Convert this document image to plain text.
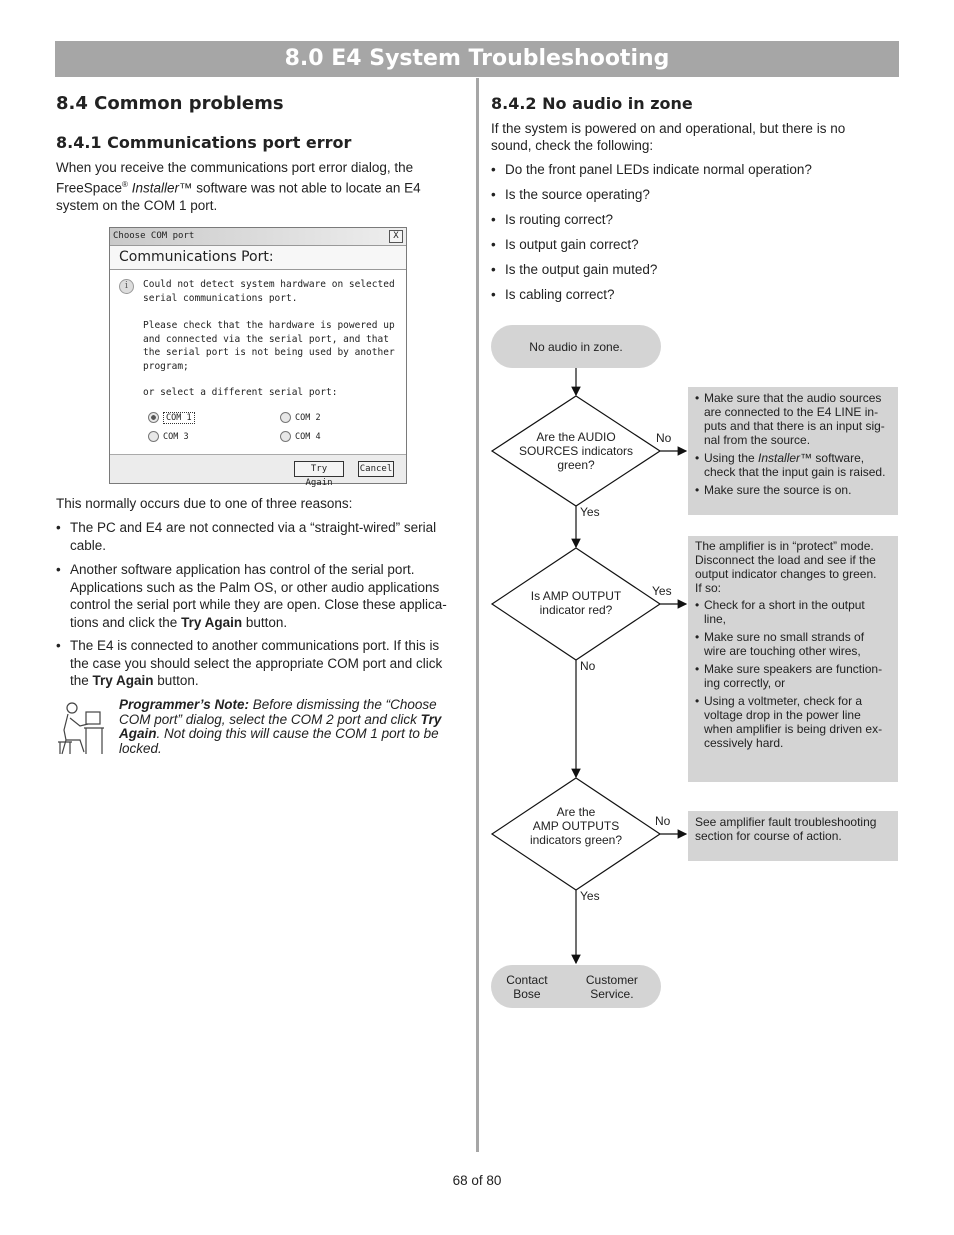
8.0 E4 System Troubleshooting
8.4 Common problems
8.4.1 Communications port error
When you receive the communications port error dialog, the
FreeSpace® Installer™ software was not able to locate an E4
system on the COM 1 port.
Choose COM port	X
Communications Port:
i	Could not detect system hardware on selected
serial communications port.

Please check that the hardware is powered up
and connected via the serial port, and that
the serial port is not being used by another
program;

or select a different serial port:

COM 1	COM 2
COM 3	COM 4
Try Again
Cancel
This normally occurs due to one of three reasons:
• The PC and E4 are not connected via a “straight-wired” serial
cable.
• Another software application has control of the serial port.
Applications such as the Palm OS, or other audio applications
control the serial port while they are open. Close these applica-
tions and click the Try Again button.
• The E4 is connected to another communications port. If this is
the case you should select the appropriate COM port and click
the Try Again button.

Programmer’s Note: Before dismissing the “Choose COM port” dialog, select the COM 2 port and click Try Again. Not doing this will cause the COM 1 port to be locked.

8.4.2 No audio in zone
If the system is powered on and operational, but there is no
sound, check the following:
• Do the front panel LEDs indicate normal operation?
• Is the source operating?
• Is routing correct?
• Is output gain correct?
• Is the output gain muted?
• Is cabling correct?
No audio in zone.
Are the AUDIO
SOURCES indicators
green?
No
Yes
Is AMP OUTPUT
indicator red?
Yes
No
Are the
AMP OUTPUTS
indicators green?
No
Yes
Contact Bose

Customer Service.
• Make sure that the audio sources
are connected to the E4 LINE in-
puts and that there is an input sig-
nal from the source.
• Using the Installer™ software,
check that the input gain is raised.
• Make sure the source is on.
The amplifier is in “protect” mode.
Disconnect the load and see if the
output indicator changes to green.
If so:
• Check for a short in the output
line,
• Make sure no small strands of
wire are touching other wires,
• Make sure speakers are function-
ing correctly, or
• Using a voltmeter, check for a
voltage drop in the power line
when amplifier is being driven ex-
cessively hard.
See amplifier fault troubleshooting
section for course of action.
68 of 80
